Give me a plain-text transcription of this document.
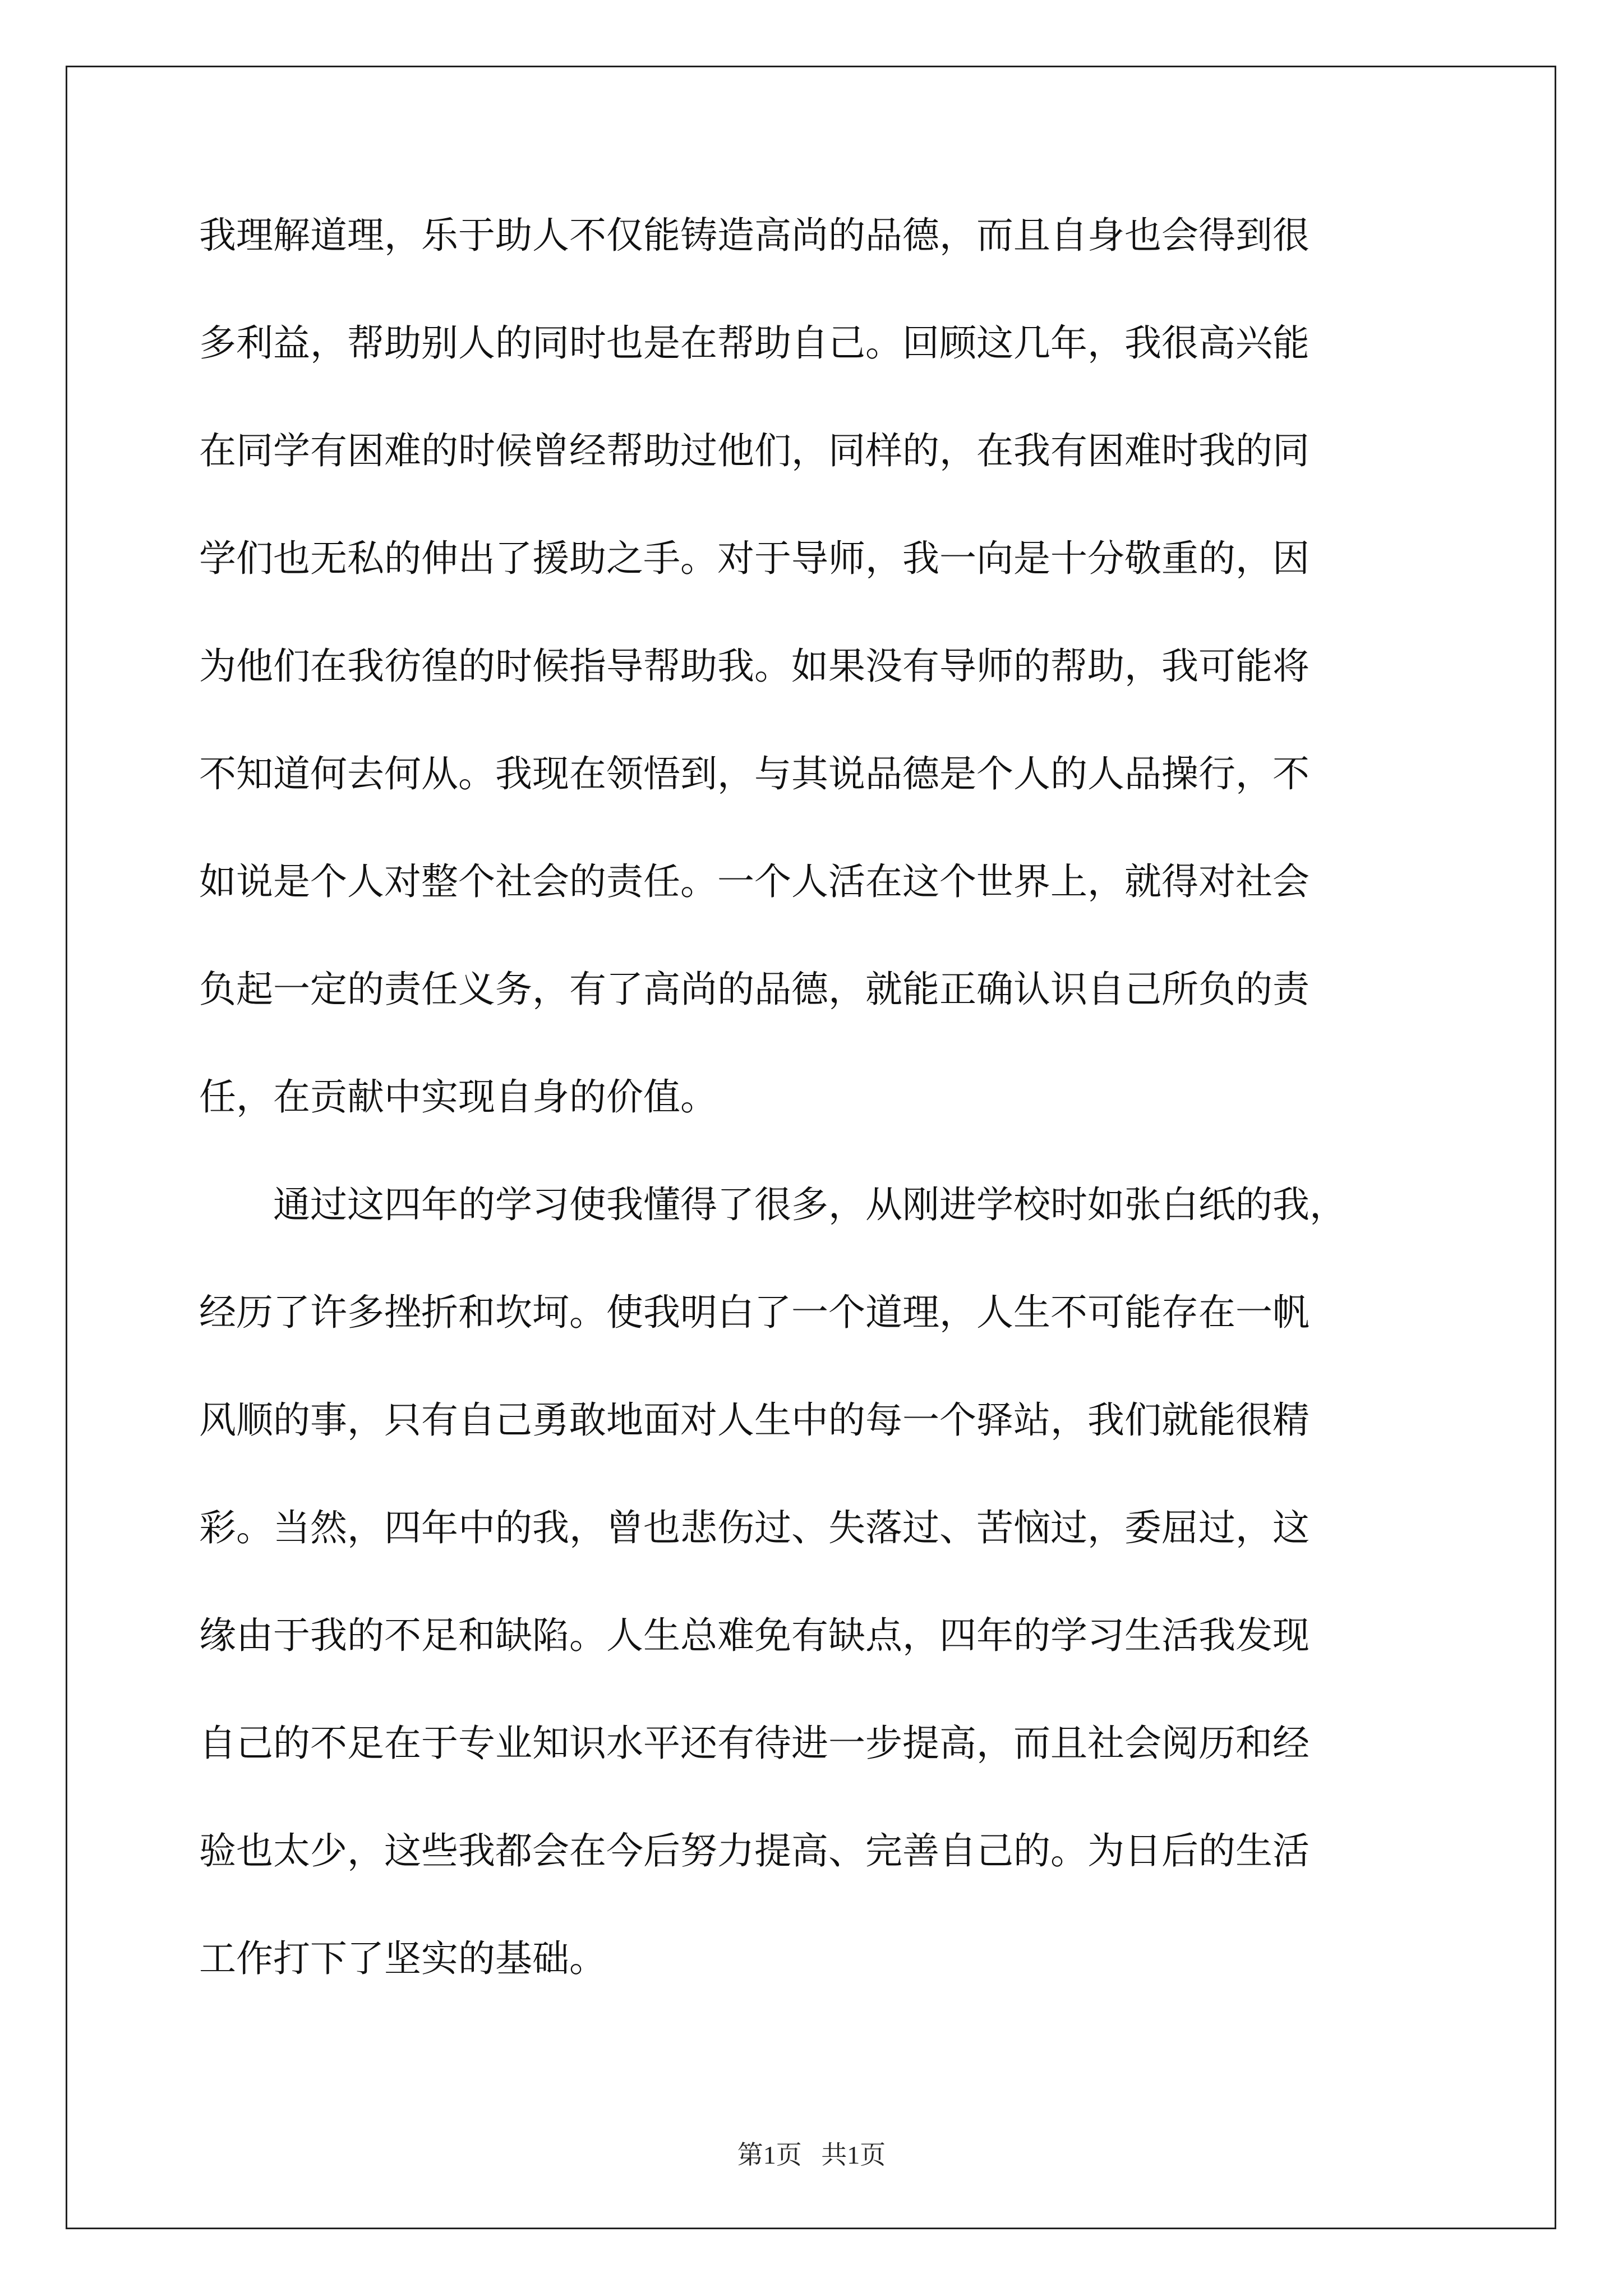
我理解道理，乐于助人不仅能铸造高尚的品德，而且自身也会得到很
多利益，帮助别人的同时也是在帮助自己。回顾这几年，我很高兴能
在同学有困难的时候曾经帮助过他们，同样的，在我有困难时我的同
学们也无私的伸出了援助之手。对于导师，我一向是十分敬重的，因
为他们在我彷徨的时候指导帮助我。如果没有导师的帮助，我可能将
不知道何去何从。我现在领悟到，与其说品德是个人的人品操行，不
如说是个人对整个社会的责任。一个人活在这个世界上，就得对社会
负起一定的责任义务，有了高尚的品德，就能正确认识自己所负的责
任，在贡献中实现自身的价值。
通过这四年的学习使我懂得了很多，从刚进学校时如张白纸的我，
经历了许多挫折和坎坷。使我明白了一个道理，人生不可能存在一帆
风顺的事，只有自己勇敢地面对人生中的每一个驿站，我们就能很精
彩。当然，四年中的我，曾也悲伤过、失落过、苦恼过，委屈过，这
缘由于我的不足和缺陷。人生总难免有缺点，四年的学习生活我发现
自己的不足在于专业知识水平还有待进一步提高，而且社会阅历和经
验也太少，这些我都会在今后努力提高、完善自己的。为日后的生活
工作打下了坚实的基础。
第1页   共1页
